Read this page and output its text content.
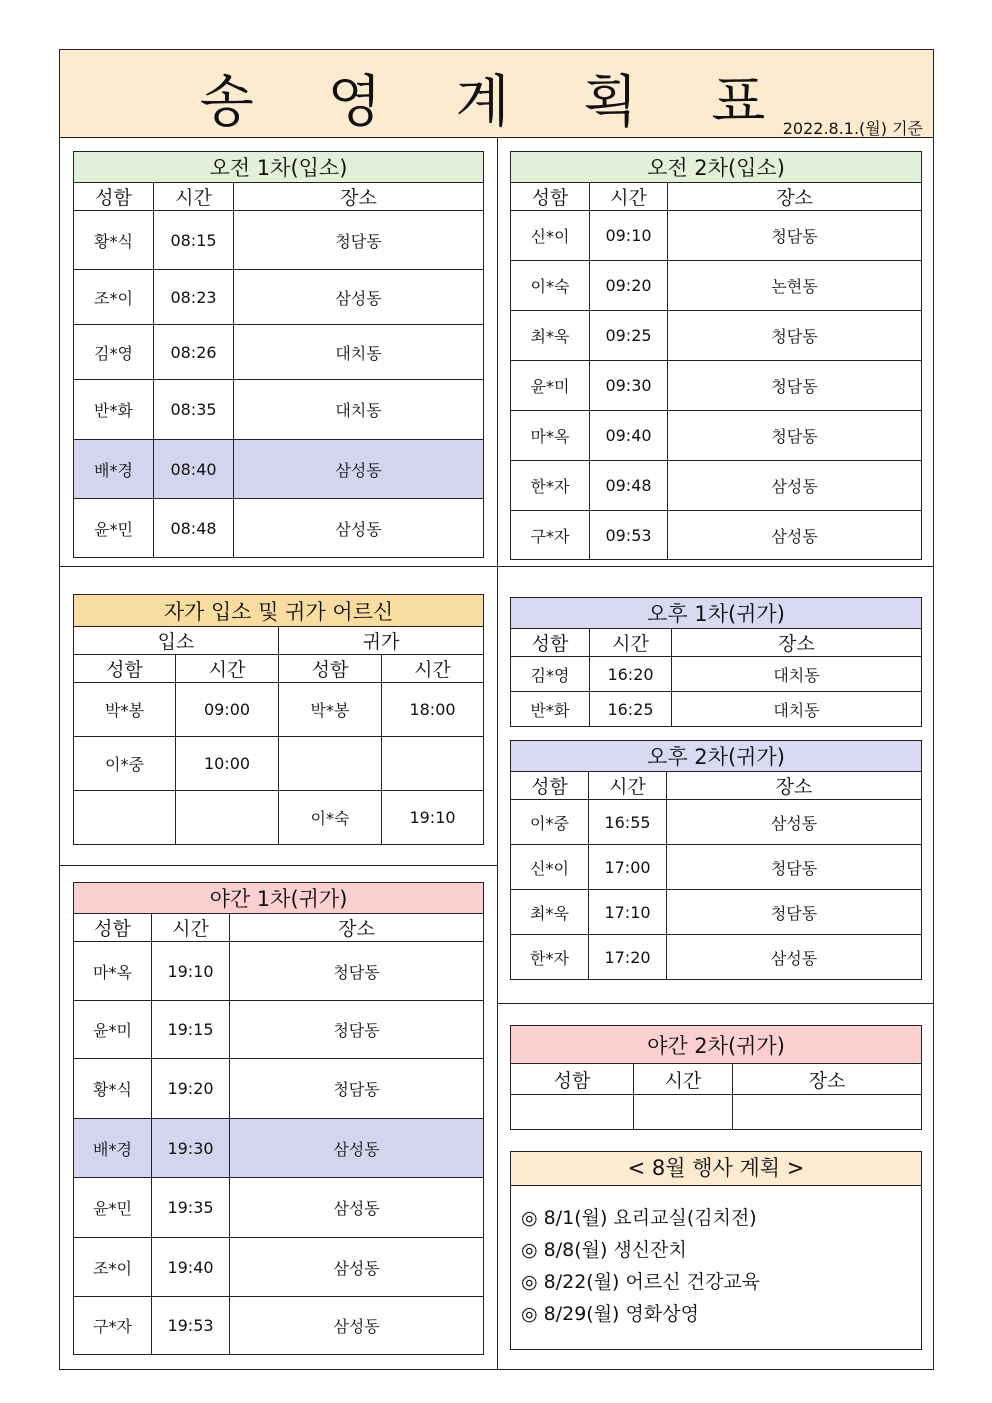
송 영 계 획 표
2022.8.1.(월) 기준
오전 1차(입소)		
성함	시간	장소
황*식	08:15	청담동
조*이	08:23	삼성동
김*영	08:26	대치동
반*화	08:35	대치동
배*경	08:40	삼성동
윤*민	08:48	삼성동
오전 2차(입소)		
성함	시간	장소
신*이	09:10	청담동
이*숙	09:20	논현동
최*욱	09:25	청담동
윤*미	09:30	청담동
마*옥	09:40	청담동
한*자	09:48	삼성동
구*자	09:53	삼성동
자가 입소 및 귀가 어르신			
입소		귀가	
성함	시간	성함	시간
박*봉	09:00	박*봉	18:00
이*중	10:00		
		이*숙	19:10
오후 1차(귀가)		
성함	시간	장소
김*영	16:20	대치동
반*화	16:25	대치동
오후 2차(귀가)		
성함	시간	장소
이*중	16:55	삼성동
신*이	17:00	청담동
최*욱	17:10	청담동
한*자	17:20	삼성동
야간 1차(귀가)		
성함	시간	장소
마*옥	19:10	청담동
윤*미	19:15	청담동
황*식	19:20	청담동
배*경	19:30	삼성동
윤*민	19:35	삼성동
조*이	19:40	삼성동
구*자	19:53	삼성동
야간 2차(귀가)		
성함	시간	장소

< 8월 행사 계획 >
◎ 8/1(월) 요리교실(김치전)
◎ 8/8(월) 생신잔치
◎ 8/22(월) 어르신 건강교육
◎ 8/29(월) 영화상영
